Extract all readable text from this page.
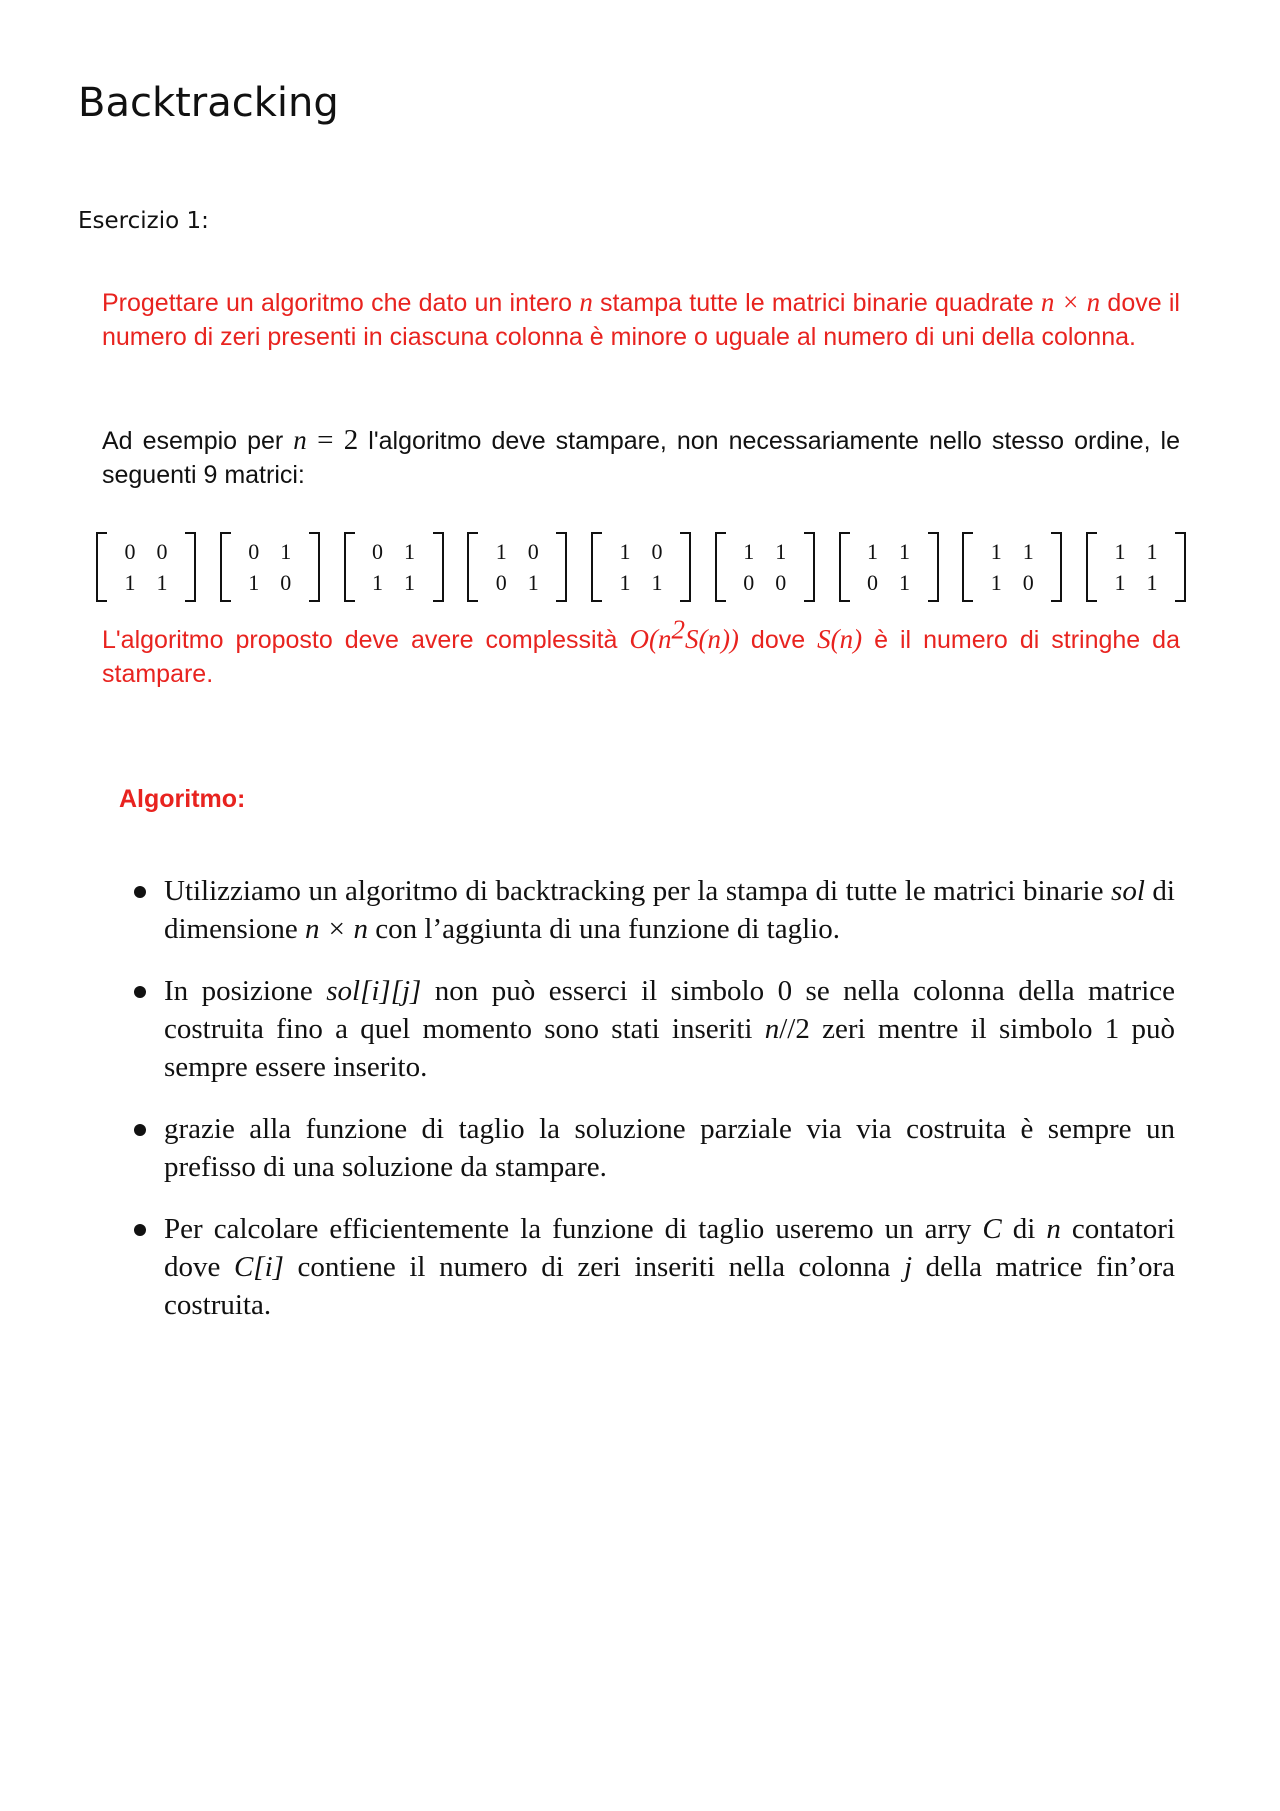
Backtracking
Esercizio 1:
Progettare un algoritmo che dato un intero n stampa tutte le matrici binarie quadrate n × n dove il numero di zeri presenti in ciascuna colonna è minore o uguale al numero di uni della colonna.
Ad esempio per n = 2 l'algoritmo deve stampare, non necessariamente nello stesso ordine, le seguenti 9 matrici:
0 0
1 1
0 1
1 0
0 1
1 1
1 0
0 1
1 0
1 1
1 1
0 0
1 1
0 1
1 1
1 0
1 1
1 1
L'algoritmo proposto deve avere complessità $O(n^2S(n))$ dove S(n) è il numero di stringhe da stampare.
Algoritmo:
Utilizziamo un algoritmo di backtracking per la stampa di tutte le matrici binarie sol di dimensione n × n con l’aggiunta di una funzione di taglio.
In posizione sol[i][j] non può esserci il simbolo 0 se nella colonna della matrice costruita fino a quel momento sono stati inseriti n//2 zeri mentre il simbolo 1 può sempre essere inserito.
grazie alla funzione di taglio la soluzione parziale via via costruita è sempre un prefisso di una soluzione da stampare.
Per calcolare efficientemente la funzione di taglio useremo un arry C di n contatori dove C[i] contiene il numero di zeri inseriti nella colonna j della matrice fin’ora costruita.
